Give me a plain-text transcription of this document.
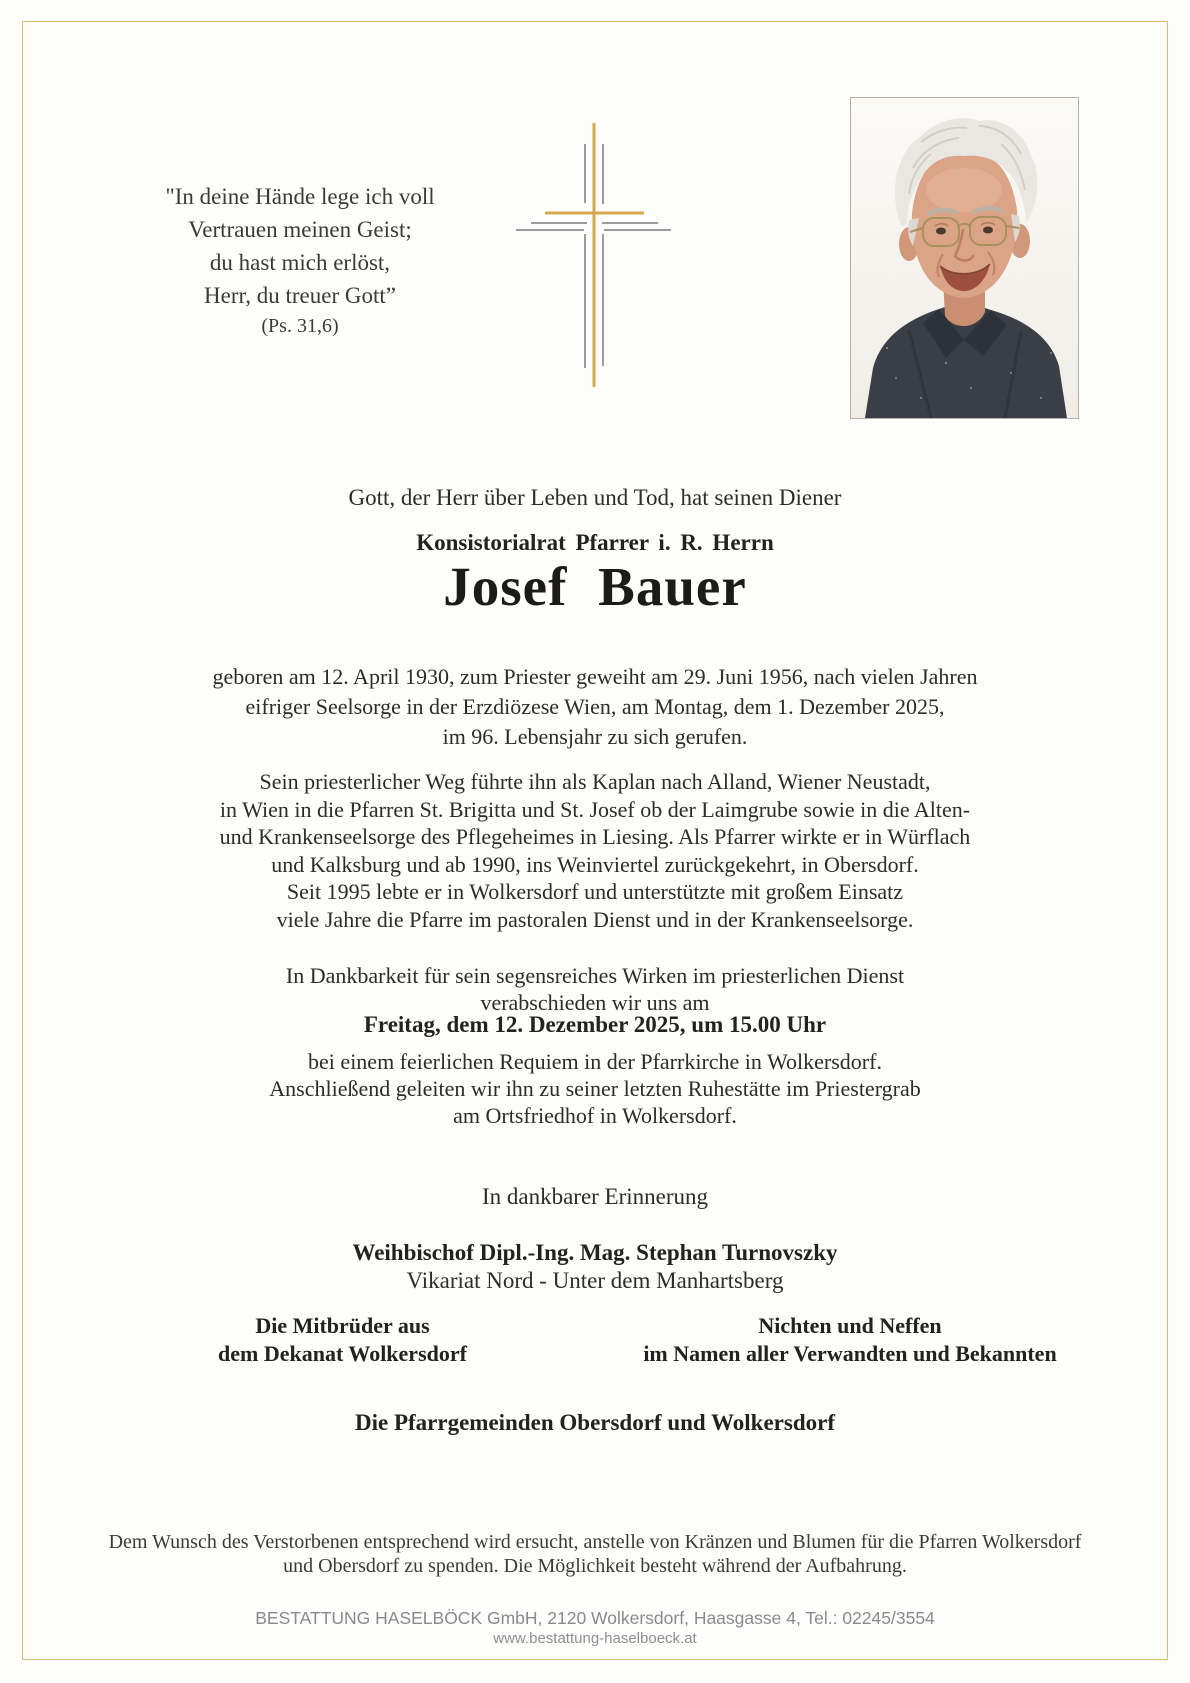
"In deine Hände lege ich voll
Vertrauen meinen Geist;
du hast mich erlöst,
Herr, du treuer Gott”
(Ps. 31,6)
Gott, der Herr über Leben und Tod, hat seinen Diener
Konsistorialrat Pfarrer i. R. Herrn
Josef Bauer
geboren am 12. April 1930, zum Priester geweiht am 29. Juni 1956, nach vielen Jahren
eifriger Seelsorge in der Erzdiözese Wien, am Montag, dem 1. Dezember 2025,
im 96. Lebensjahr zu sich gerufen.
Sein priesterlicher Weg führte ihn als Kaplan nach Alland, Wiener Neustadt,
in Wien in die Pfarren St. Brigitta und St. Josef ob der Laimgrube sowie in die Alten-
und Krankenseelsorge des Pflegeheimes in Liesing. Als Pfarrer wirkte er in Würflach
und Kalksburg und ab 1990, ins Weinviertel zurückgekehrt, in Obersdorf.
Seit 1995 lebte er in Wolkersdorf und unterstützte mit großem Einsatz
viele Jahre die Pfarre im pastoralen Dienst und in der Krankenseelsorge.
In Dankbarkeit für sein segensreiches Wirken im priesterlichen Dienst
verabschieden wir uns am
Freitag, dem 12. Dezember 2025, um 15.00 Uhr
bei einem feierlichen Requiem in der Pfarrkirche in Wolkersdorf.
Anschließend geleiten wir ihn zu seiner letzten Ruhestätte im Priestergrab
am Ortsfriedhof in Wolkersdorf.
In dankbarer Erinnerung
Weihbischof Dipl.-Ing. Mag. Stephan Turnovszky
Vikariat Nord - Unter dem Manhartsberg
Die Mitbrüder aus
dem Dekanat Wolkersdorf
Nichten und Neffen
im Namen aller Verwandten und Bekannten
Die Pfarrgemeinden Obersdorf und Wolkersdorf
Dem Wunsch des Verstorbenen entsprechend wird ersucht, anstelle von Kränzen und Blumen für die Pfarren Wolkersdorf
und Obersdorf zu spenden. Die Möglichkeit besteht während der Aufbahrung.
BESTATTUNG HASELBÖCK GmbH, 2120 Wolkersdorf, Haasgasse 4, Tel.: 02245/3554
www.bestattung-haselboeck.at
